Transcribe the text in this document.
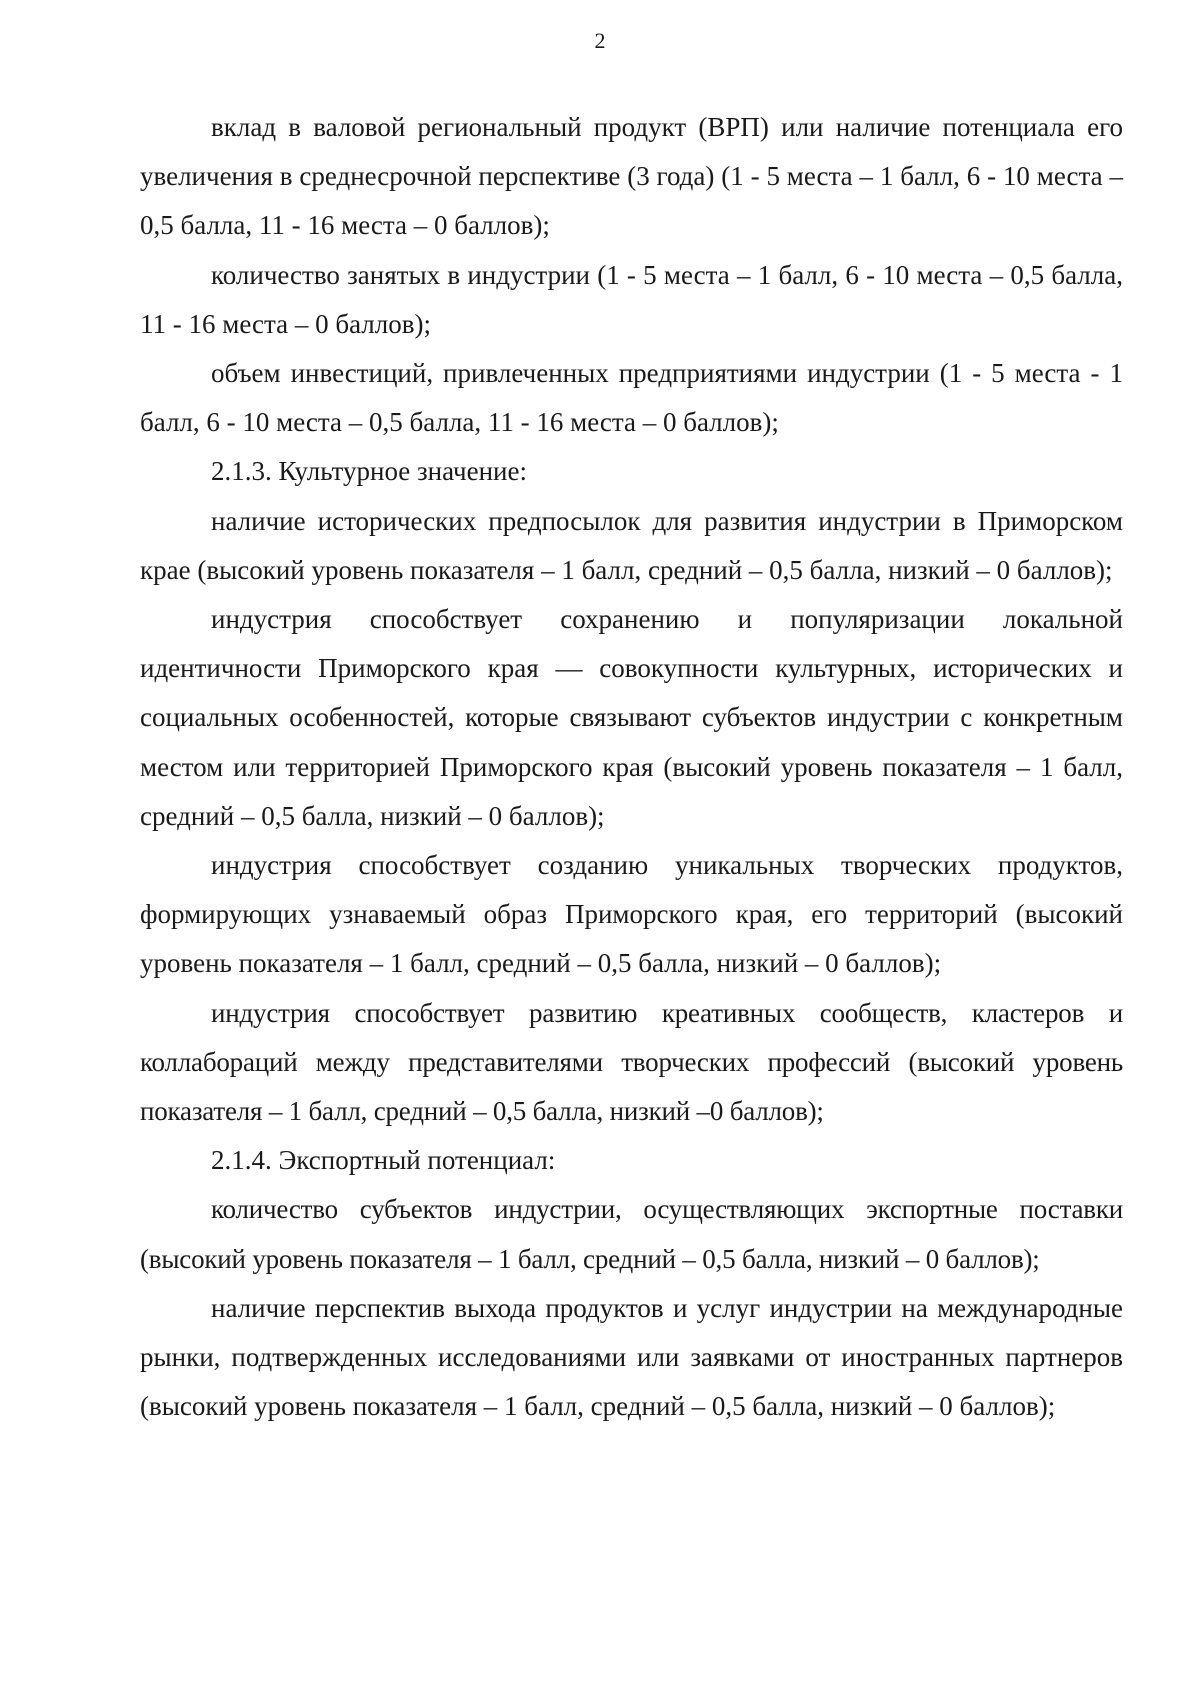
2

вклад в валовой региональный продукт (ВРП) или наличие потенциала его увеличения в среднесрочной перспективе (3 года) (1 - 5 места – 1 балл, 6 - 10 места – 0,5 балла, 11 - 16 места – 0 баллов);

количество занятых в индустрии (1 - 5 места – 1 балл, 6 - 10 места – 0,5 балла, 11 - 16 места – 0 баллов);

объем инвестиций, привлеченных предприятиями индустрии (1 - 5 места - 1 балл, 6 - 10 места – 0,5 балла, 11 - 16 места – 0 баллов);

2.1.3. Культурное значение:

наличие исторических предпосылок для развития индустрии в Приморском крае (высокий уровень показателя – 1 балл, средний – 0,5 балла, низкий – 0 баллов);

индустрия способствует сохранению и популяризации локальной идентичности Приморского края — совокупности культурных, исторических и социальных особенностей, которые связывают субъектов индустрии с конкретным местом или территорией Приморского края (высокий уровень показателя – 1 балл, средний – 0,5 балла, низкий – 0 баллов);

индустрия способствует созданию уникальных творческих продуктов, формирующих узнаваемый образ Приморского края, его территорий (высокий уровень показателя – 1 балл, средний – 0,5 балла, низкий – 0 баллов);

индустрия способствует развитию креативных сообществ, кластеров и коллабораций между представителями творческих профессий (высокий уровень показателя – 1 балл, средний – 0,5 балла, низкий –0 баллов);

2.1.4. Экспортный потенциал:

количество субъектов индустрии, осуществляющих экспортные поставки (высокий уровень показателя – 1 балл, средний – 0,5 балла, низкий – 0 баллов);

наличие перспектив выхода продуктов и услуг индустрии на международные рынки, подтвержденных исследованиями или заявками от иностранных партнеров (высокий уровень показателя – 1 балл, средний – 0,5 балла, низкий – 0 баллов);
